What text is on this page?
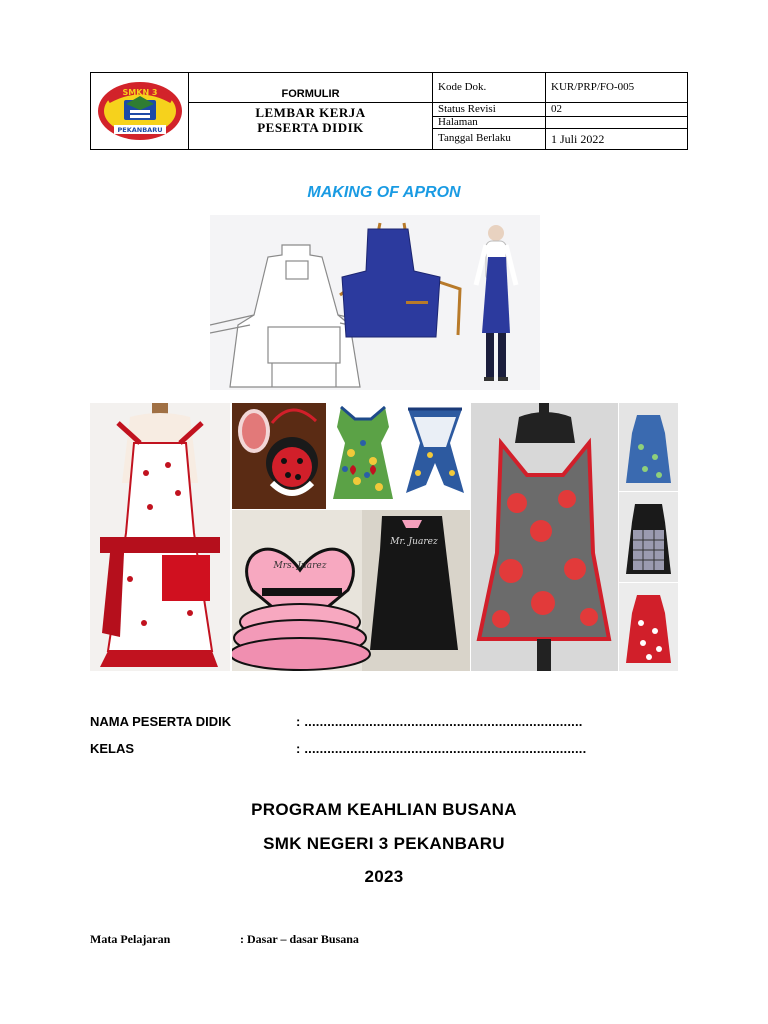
SMKN 3
PEKANBARU
FORMULIR
LEMBAR KERJA
PESERTA DIDIK
Kode Dok.	KUR/PRP/FO-005
Status Revisi	02
Halaman
Tanggal Berlaku	1 Juli 2022
MAKING OF APRON
Mrs. Juarez
Mr. Juarez
NAMA PESERTA DIDIK	: .........................................................................
KELAS	: ..........................................................................
PROGRAM KEAHLIAN BUSANA
SMK NEGERI 3 PEKANBARU
2023
Mata Pelajaran	: Dasar – dasar Busana
